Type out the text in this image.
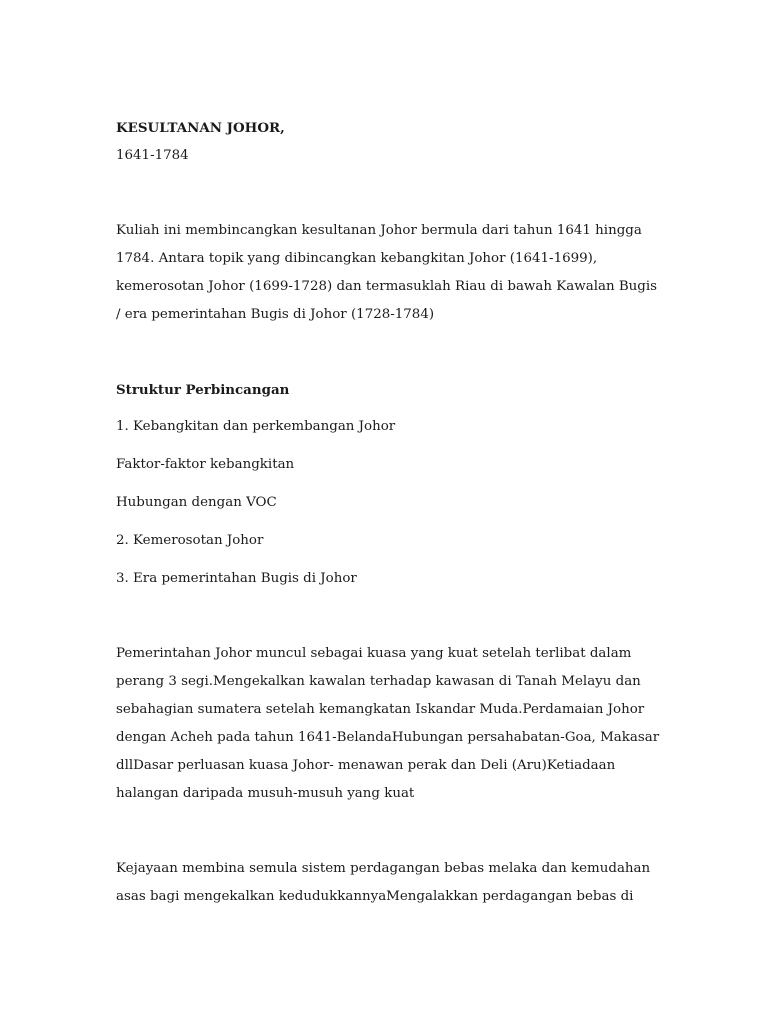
KESULTANAN JOHOR,
1641-1784
Kuliah ini membincangkan kesultanan Johor bermula dari tahun 1641 hingga
1784. Antara topik yang dibincangkan kebangkitan Johor (1641-1699),
kemerosotan Johor (1699-1728) dan termasuklah Riau di bawah Kawalan Bugis
/ era pemerintahan Bugis di Johor (1728-1784)
Struktur Perbincangan
1. Kebangkitan dan perkembangan Johor
Faktor-faktor kebangkitan
Hubungan dengan VOC
2. Kemerosotan Johor
3. Era pemerintahan Bugis di Johor
Pemerintahan Johor muncul sebagai kuasa yang kuat setelah terlibat dalam
perang 3 segi.Mengekalkan kawalan terhadap kawasan di Tanah Melayu dan
sebahagian sumatera setelah kemangkatan Iskandar Muda.Perdamaian Johor
dengan Acheh pada tahun 1641-BelandaHubungan persahabatan-Goa, Makasar
dllDasar perluasan kuasa Johor- menawan perak dan Deli (Aru)Ketiadaan
halangan daripada musuh-musuh yang kuat
Kejayaan membina semula sistem perdagangan bebas melaka dan kemudahan
asas bagi mengekalkan kedudukkannyaMengalakkan perdagangan bebas di
